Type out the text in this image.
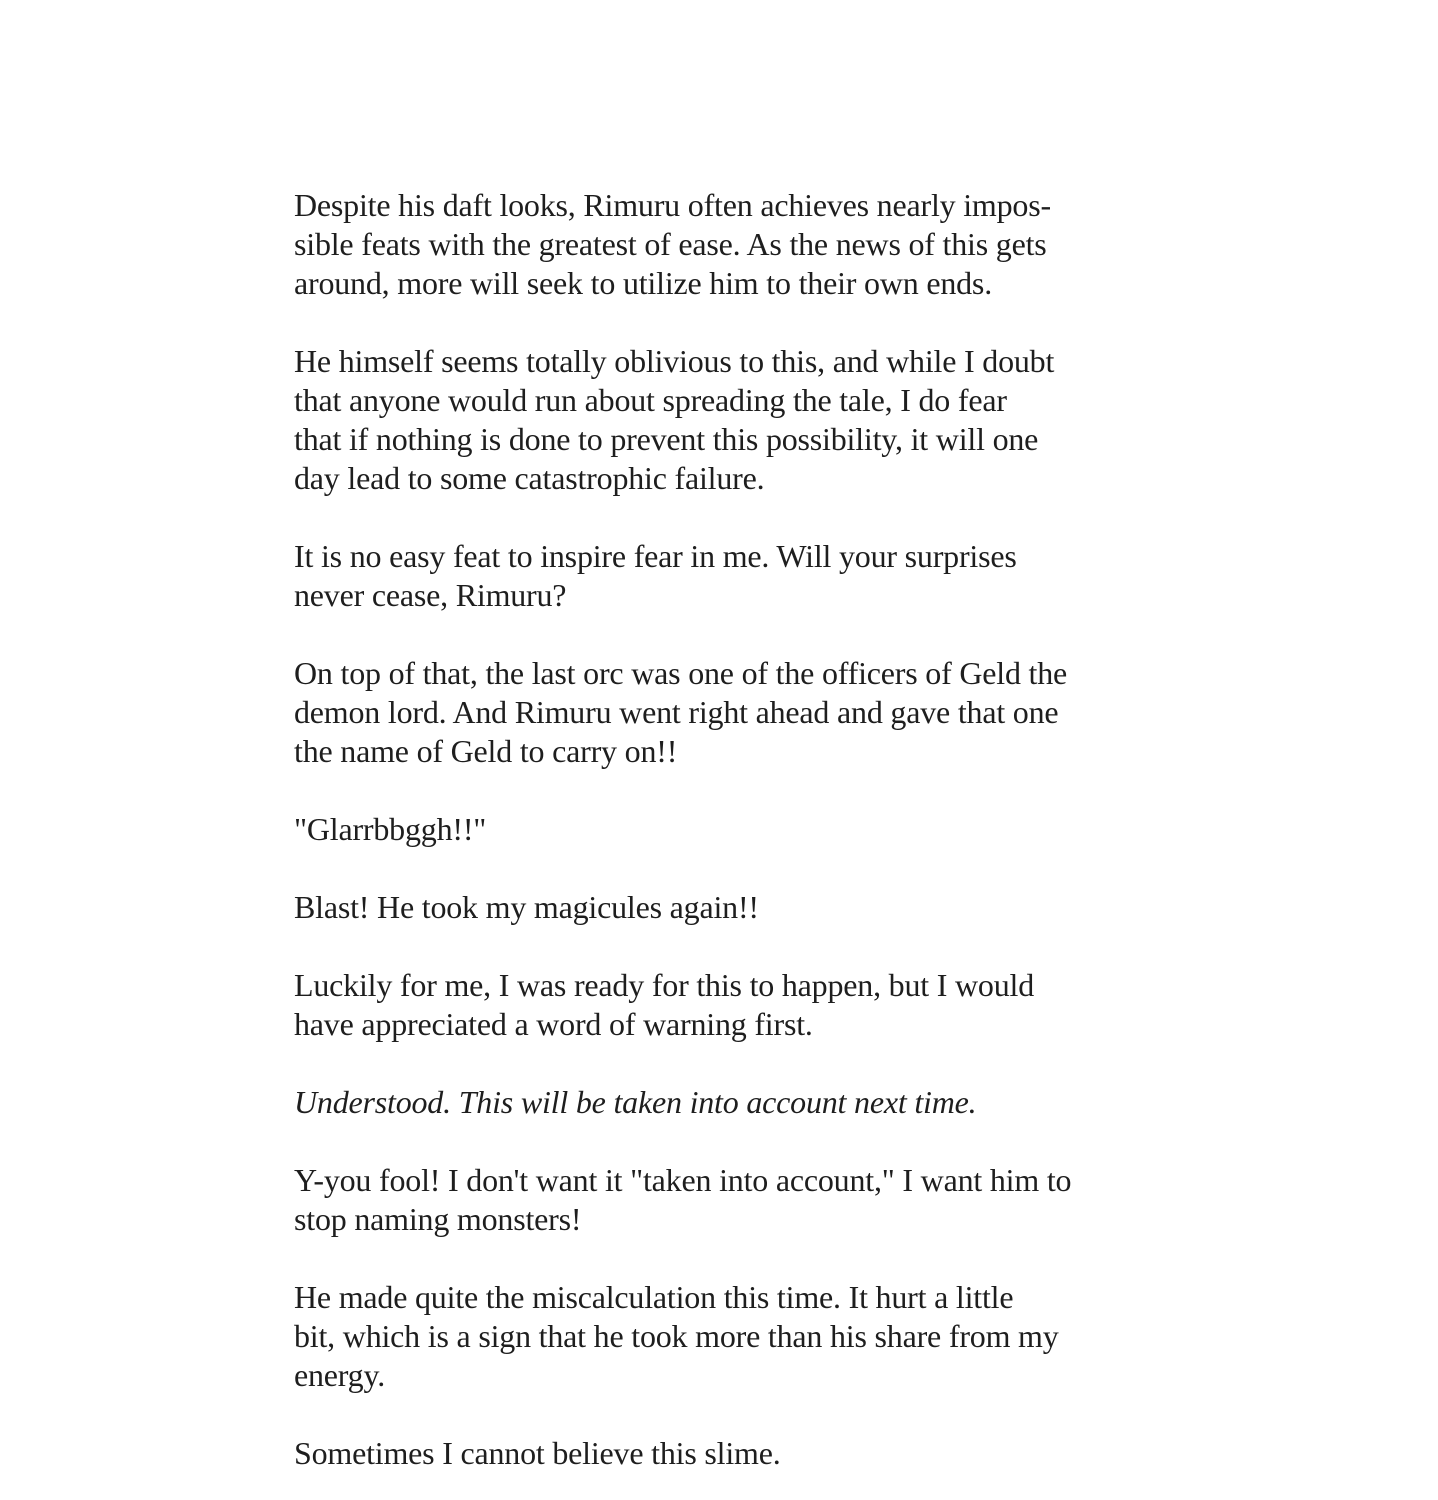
Despite his daft looks, Rimuru often achieves nearly impos-
sible feats with the greatest of ease. As the news of this gets
around, more will seek to utilize him to their own ends.

He himself seems totally oblivious to this, and while I doubt
that anyone would run about spreading the tale, I do fear
that if nothing is done to prevent this possibility, it will one
day lead to some catastrophic failure.

It is no easy feat to inspire fear in me. Will your surprises
never cease, Rimuru?

On top of that, the last orc was one of the officers of Geld the
demon lord. And Rimuru went right ahead and gave that one
the name of Geld to carry on!!

"Glarrbbggh!!"

Blast! He took my magicules again!!

Luckily for me, I was ready for this to happen, but I would
have appreciated a word of warning first.

Understood. This will be taken into account next time.

Y-you fool! I don't want it "taken into account," I want him to
stop naming monsters!

He made quite the miscalculation this time. It hurt a little
bit, which is a sign that he took more than his share from my
energy.

Sometimes I cannot believe this slime.
